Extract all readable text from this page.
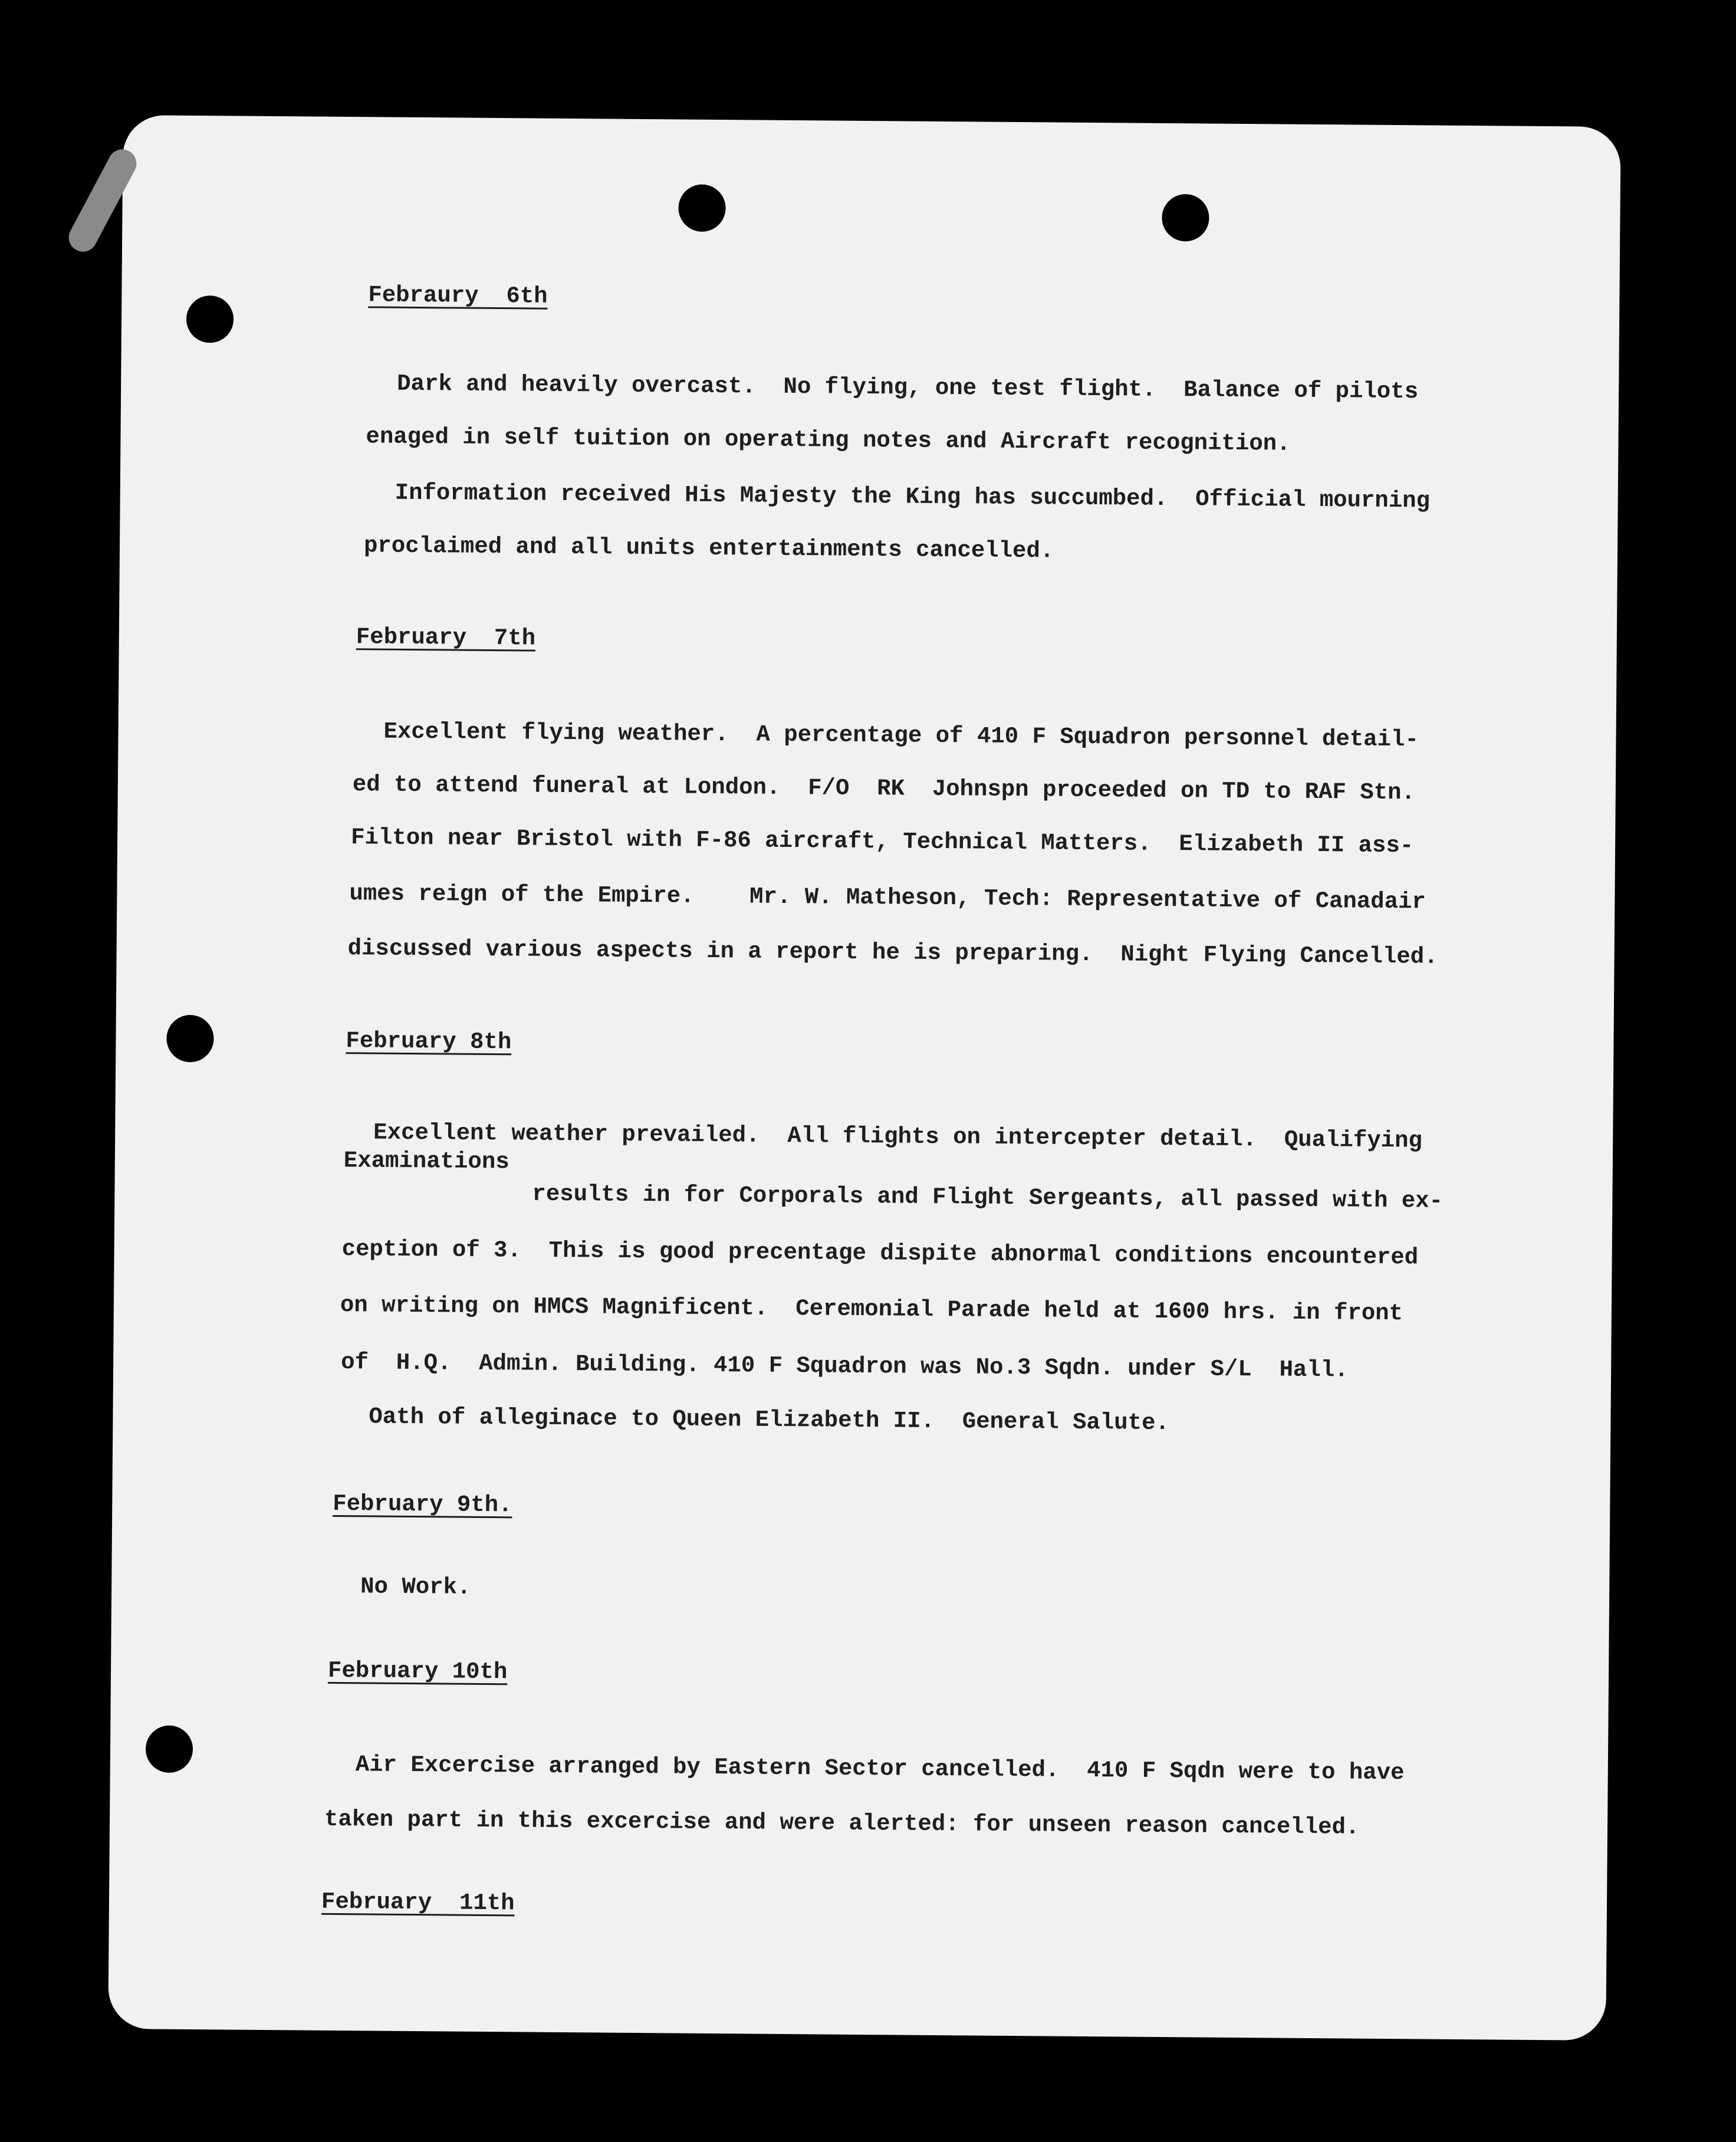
Febraury  6th
Dark and heavily overcast.  No flying, one test flight.  Balance of pilots
enaged in self tuition on operating notes and Aircraft recognition.
Information received His Majesty the King has succumbed.  Official mourning
proclaimed and all units entertainments cancelled.
February  7th
Excellent flying weather.  A percentage of 410 F Squadron personnel detail-
ed to attend funeral at London.  F/O  RK  Johnspn proceeded on TD to RAF Stn.
Filton near Bristol with F-86 aircraft, Technical Matters.  Elizabeth II ass-
umes reign of the Empire.    Mr. W. Matheson, Tech: Representative of Canadair
discussed various aspects in a report he is preparing.  Night Flying Cancelled.
February 8th
Excellent weather prevailed.  All flights on intercepter detail.  Qualifying
Examinations
results in for Corporals and Flight Sergeants, all passed with ex-
ception of 3.  This is good precentage dispite abnormal conditions encountered
on writing on HMCS Magnificent.  Ceremonial Parade held at 1600 hrs. in front
of  H.Q.  Admin. Building. 410 F Squadron was No.3 Sqdn. under S/L  Hall.
Oath of alleginace to Queen Elizabeth II.  General Salute.
February 9th.
No Work.
February 10th
Air Excercise arranged by Eastern Sector cancelled.  410 F Sqdn were to have
taken part in this excercise and were alerted: for unseen reason cancelled.
February  11th
